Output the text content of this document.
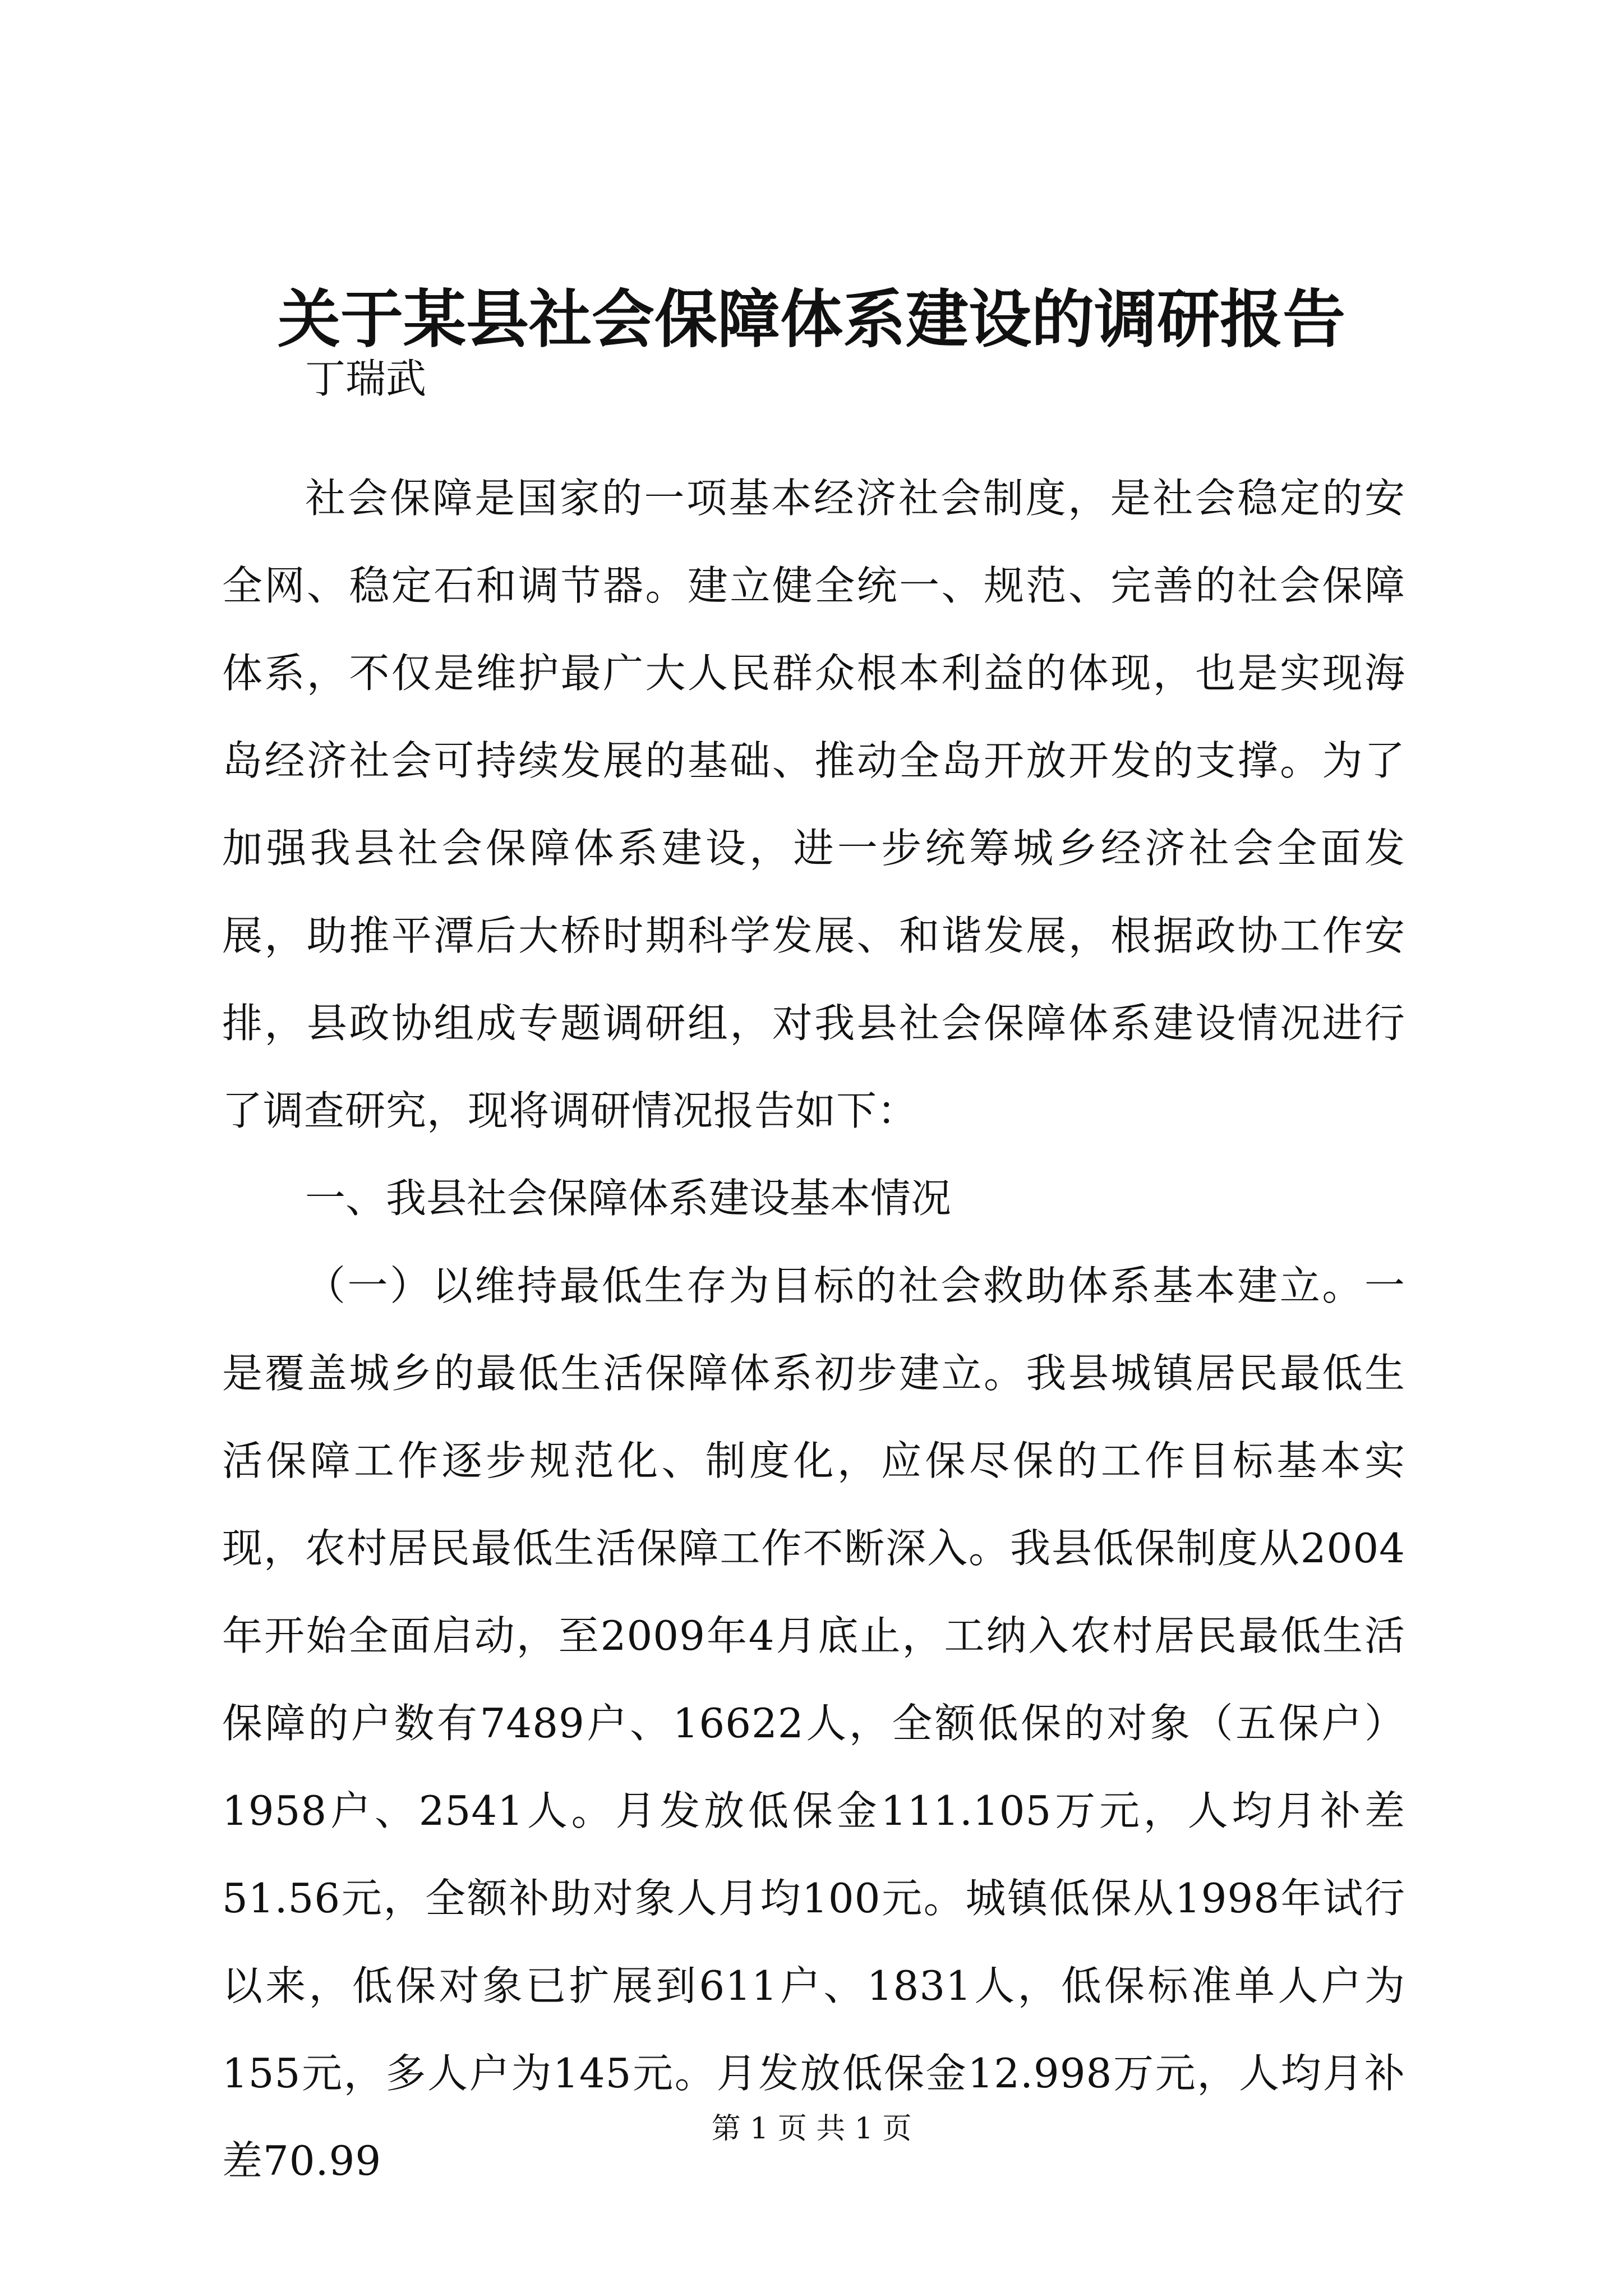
关于某县社会保障体系建设的调研报告
丁瑞武

社会保障是国家的一项基本经济社会制度，是社会稳定的安全网、稳定石和调节器。建立健全统一、规范、完善的社会保障体系，不仅是维护最广大人民群众根本利益的体现，也是实现海岛经济社会可持续发展的基础、推动全岛开放开发的支撑。为了加强我县社会保障体系建设，进一步统筹城乡经济社会全面发展，助推平潭后大桥时期科学发展、和谐发展，根据政协工作安排，县政协组成专题调研组，对我县社会保障体系建设情况进行了调查研究，现将调研情况报告如下：

一、我县社会保障体系建设基本情况

（一）以维持最低生存为目标的社会救助体系基本建立。一是覆盖城乡的最低生活保障体系初步建立。我县城镇居民最低生活保障工作逐步规范化、制度化，应保尽保的工作目标基本实现，农村居民最低生活保障工作不断深入。我县低保制度从2004年开始全面启动，至2009年4月底止，工纳入农村居民最低生活保障的户数有7489户、16622人，全额低保的对象（五保户）1958户、2541人。月发放低保金111.105万元，人均月补差51.56元，全额补助对象人月均100元。城镇低保从1998年试行以来，低保对象已扩展到611户、1831人，低保标准单人户为155元，多人户为145元。月发放低保金12.998万元，人均月补差70.99

第 1 页 共 1 页
